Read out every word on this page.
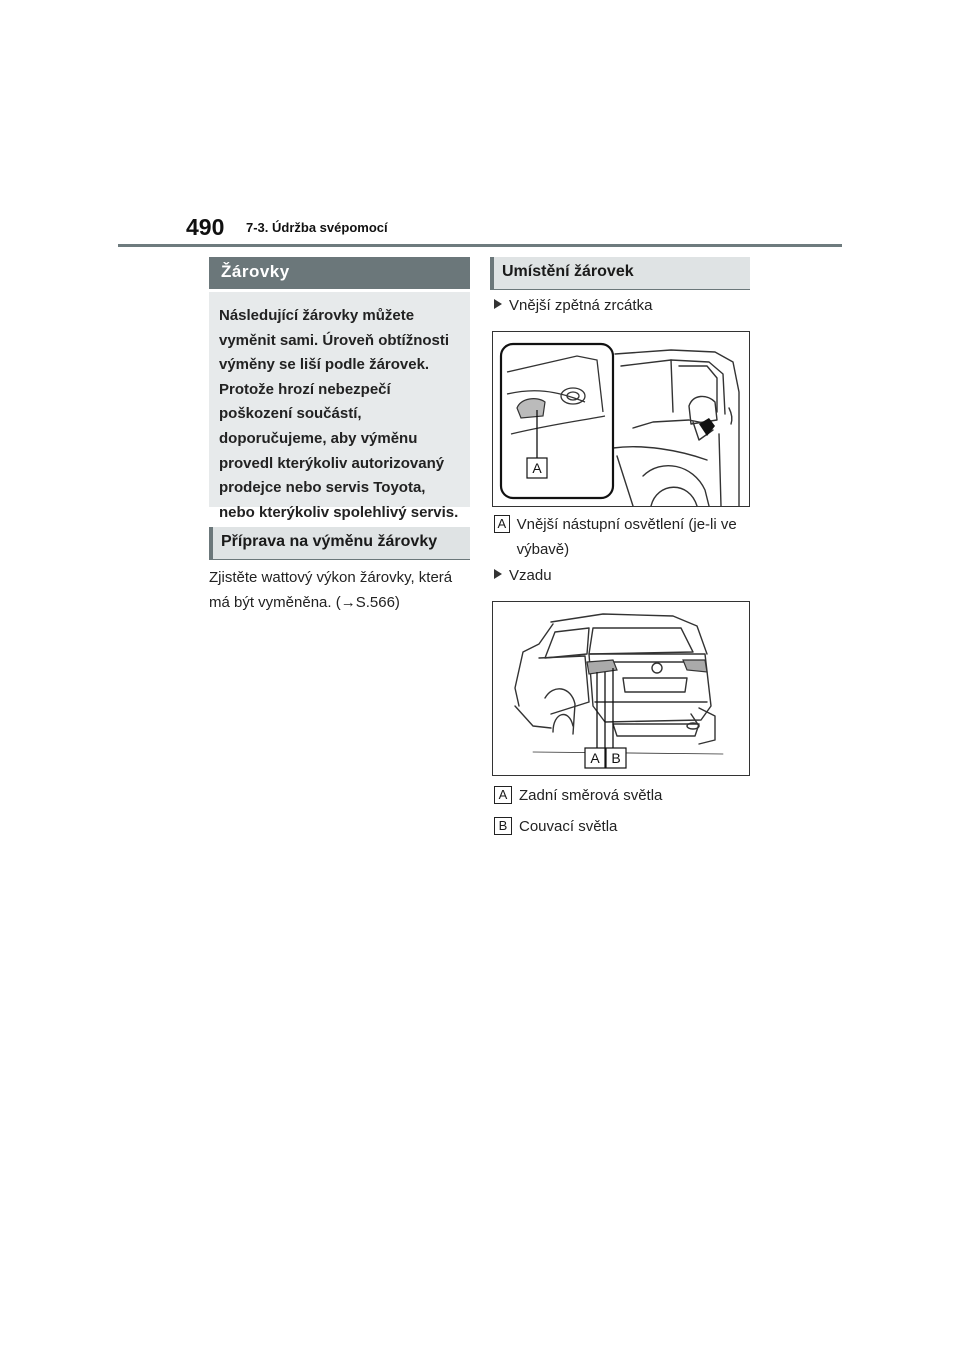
490 7-3. Údržba svépomocí
Žárovky
Následující žárovky můžete vyměnit sami. Úroveň obtížnosti výměny se liší podle žárovek. Protože hrozí nebezpečí poškození součástí, doporučujeme, aby výměnu provedl kterýkoliv autorizovaný prodejce nebo servis Toyota, nebo kterýkoliv spolehlivý servis.
Příprava na výměnu žárovky
Zjistěte wattový výkon žárovky, která má být vyměněna. (→S.566)
Umístění žárovek
Vnější zpětná zrcátka
A
A Vnější nástupní osvětlení (je-li ve výbavě)
Vzadu
A B
A Zadní směrová světla
B Couvací světla
